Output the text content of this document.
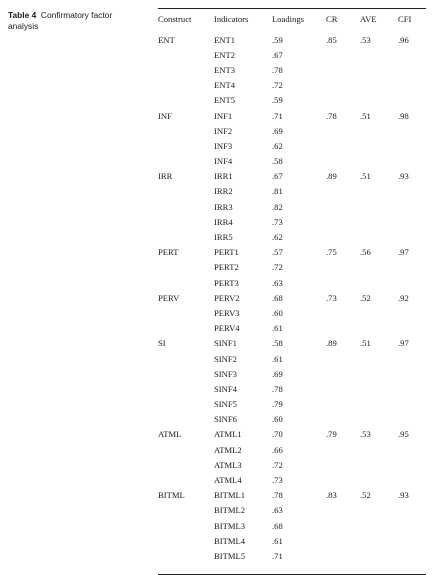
Table 4 Confirmatory factor analysis
Construct	Indicators	Loadings	CR	AVE	CFI
ENT	ENT1	.59	.85	.53	.96
	ENT2	.67			
	ENT3	.78			
	ENT4	.72			
	ENT5	.59			
INF	INF1	.71	.78	.51	.98
	INF2	.69			
	INF3	.62			
	INF4	.58			
IRR	IRR1	.67	.89	.51	.93
	IRR2	.81			
	IRR3	.82			
	IRR4	.73			
	IRR5	.62			
PERT	PERT1	.57	.75	.56	.97
	PERT2	.72			
	PERT3	.63			
PERV	PERV2	.68	.73	.52	.92
	PERV3	.60			
	PERV4	.61			
SI	SINF1	.58	.89	.51	.97
	SINF2	.61			
	SINF3	.69			
	SINF4	.78			
	SINF5	.79			
	SINF6	.60			
ATML	ATML1	.70	.79	.53	.95
	ATML2	.66			
	ATML3	.72			
	ATML4	.73			
BITML	BITML1	.78	.83	.52	.93
	BITML2	.63			
	BITML3	.68			
	BITML4	.61			
	BITML5	.71			
